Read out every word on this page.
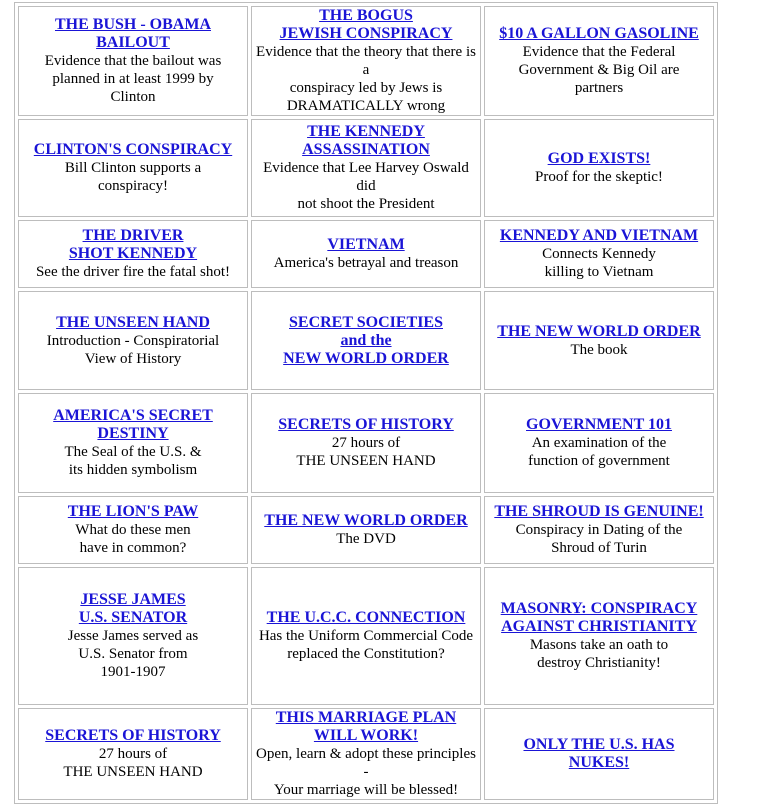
THE BUSH - OBAMA
BAILOUT
Evidence that the bailout was
planned in at least 1999 by
Clinton	THE BOGUS
JEWISH CONSPIRACY
Evidence that the theory that there is a
conspiracy led by Jews is
DRAMATICALLY wrong	$10 A GALLON GASOLINE
Evidence that the Federal
Government & Big Oil are
partners

CLINTON'S CONSPIRACY
Bill Clinton supports a
conspiracy!	THE KENNEDY ASSASSINATION
Evidence that Lee Harvey Oswald did
not shoot the President	GOD EXISTS!
Proof for the skeptic!

THE DRIVER
SHOT KENNEDY
See the driver fire the fatal shot!	VIETNAM
America's betrayal and treason	KENNEDY AND VIETNAM
Connects Kennedy
killing to Vietnam

THE UNSEEN HAND
Introduction - Conspiratorial
View of History	SECRET SOCIETIES
and the
NEW WORLD ORDER	THE NEW WORLD ORDER
The book

AMERICA'S SECRET
DESTINY
The Seal of the U.S. &
its hidden symbolism	SECRETS OF HISTORY
27 hours of
THE UNSEEN HAND	GOVERNMENT 101
An examination of the
function of government

THE LION'S PAW
What do these men
have in common?	THE NEW WORLD ORDER
The DVD	THE SHROUD IS GENUINE!
Conspiracy in Dating of the
Shroud of Turin

JESSE JAMES
U.S. SENATOR
Jesse James served as
U.S. Senator from
1901-1907	THE U.C.C. CONNECTION
Has the Uniform Commercial Code
replaced the Constitution?	MASONRY: CONSPIRACY
AGAINST CHRISTIANITY
Masons take an oath to
destroy Christianity!

SECRETS OF HISTORY
27 hours of
THE UNSEEN HAND	THIS MARRIAGE PLAN
WILL WORK!
Open, learn & adopt these principles -
Your marriage will be blessed!	ONLY THE U.S. HAS
NUKES!
